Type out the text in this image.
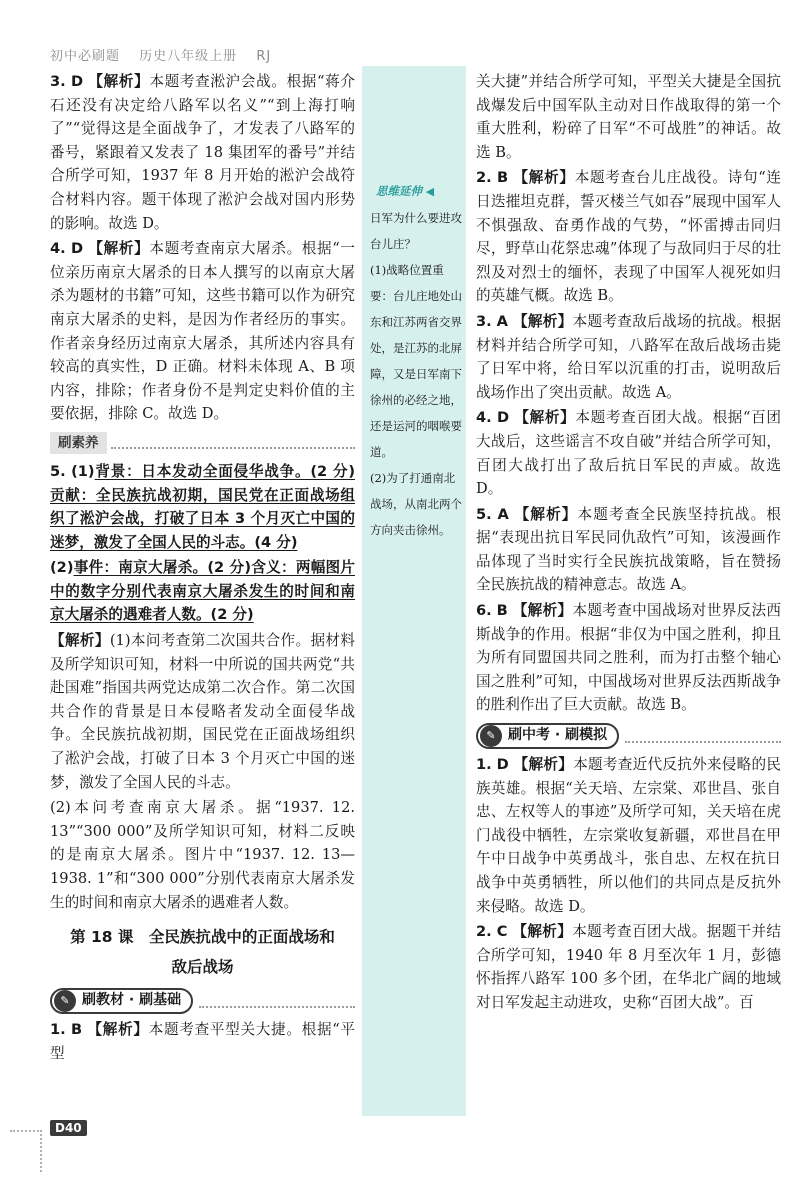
初中必刷题 历史八年级上册 RJ
3. D 【解析】本题考查淞沪会战。根据“蒋介石还没有决定给八路军以名义”“到上海打响了”“觉得这是全面战争了，才发表了八路军的番号，紧跟着又发表了 18 集团军的番号”并结合所学可知，1937 年 8 月开始的淞沪会战符合材料内容。题干体现了淞沪会战对国内形势的影响。故选 D。
4. D 【解析】本题考查南京大屠杀。根据“一位亲历南京大屠杀的日本人撰写的以南京大屠杀为题材的书籍”可知，这些书籍可以作为研究南京大屠杀的史料，是因为作者经历的事实。作者亲身经历过南京大屠杀，其所述内容具有较高的真实性，D 正确。材料未体现 A、B 项内容，排除；作者身份不是判定史料价值的主要依据，排除 C。故选 D。
刷素养
5. (1)背景：日本发动全面侵华战争。(2 分)贡献：全民族抗战初期，国民党在正面战场组织了淞沪会战，打破了日本 3 个月灭亡中国的迷梦，激发了全国人民的斗志。(4 分)
(2)事件：南京大屠杀。(2 分)含义：两幅图片中的数字分别代表南京大屠杀发生的时间和南京大屠杀的遇难者人数。(2 分)
【解析】(1)本问考查第二次国共合作。据材料及所学知识可知，材料一中所说的国共两党“共赴国难”指国共两党达成第二次合作。第二次国共合作的背景是日本侵略者发动全面侵华战争。全民族抗战初期，国民党在正面战场组织了淞沪会战，打破了日本 3 个月灭亡中国的迷梦，激发了全国人民的斗志。
(2)本问考查南京大屠杀。据“1937. 12. 13”“300 000”及所学知识可知，材料二反映的是南京大屠杀。图片中“1937. 12. 13—1938. 1”和“300 000”分别代表南京大屠杀发生的时间和南京大屠杀的遇难者人数。
第 18 课　全民族抗战中的正面战场和
敌后战场
✎ 刷教材 · 刷基础
1. B 【解析】本题考查平型关大捷。根据“平型
思维延伸 ◀
日军为什么要进攻台儿庄？
(1)战略位置重要：台儿庄地处山东和江苏两省交界处，是江苏的北屏障，又是日军南下徐州的必经之地，还是运河的咽喉要道。
(2)为了打通南北战场，从南北两个方向夹击徐州。
关大捷”并结合所学可知，平型关大捷是全国抗战爆发后中国军队主动对日作战取得的第一个重大胜利，粉碎了日军“不可战胜”的神话。故选 B。
2. B 【解析】本题考查台儿庄战役。诗句“连日迭摧坦克群，誓灭楼兰气如吞”展现中国军人不惧强敌、奋勇作战的气势，“怀雷搏击同归尽，野草山花祭忠魂”体现了与敌同归于尽的壮烈及对烈士的缅怀，表现了中国军人视死如归的英雄气概。故选 B。
3. A 【解析】本题考查敌后战场的抗战。根据材料并结合所学可知，八路军在敌后战场击毙了日军中将，给日军以沉重的打击，说明敌后战场作出了突出贡献。故选 A。
4. D 【解析】本题考查百团大战。根据“百团大战后，这些谣言不攻自破”并结合所学可知，百团大战打出了敌后抗日军民的声威。故选 D。
5. A 【解析】本题考查全民族坚持抗战。根据“表现出抗日军民同仇敌忾”可知，该漫画作品体现了当时实行全民族抗战策略，旨在赞扬全民族抗战的精神意志。故选 A。
6. B 【解析】本题考查中国战场对世界反法西斯战争的作用。根据“非仅为中国之胜利，抑且为所有同盟国共同之胜利，而为打击整个轴心国之胜利”可知，中国战场对世界反法西斯战争的胜利作出了巨大贡献。故选 B。
✎ 刷中考 · 刷模拟
1. D 【解析】本题考查近代反抗外来侵略的民族英雄。根据“关天培、左宗棠、邓世昌、张自忠、左权等人的事迹”及所学可知，关天培在虎门战役中牺牲，左宗棠收复新疆，邓世昌在甲午中日战争中英勇战斗，张自忠、左权在抗日战争中英勇牺牲，所以他们的共同点是反抗外来侵略。故选 D。
2. C 【解析】本题考查百团大战。据题干并结合所学可知，1940 年 8 月至次年 1 月，彭德怀指挥八路军 100 多个团，在华北广阔的地域对日军发起主动进攻，史称“百团大战”。百
D40
